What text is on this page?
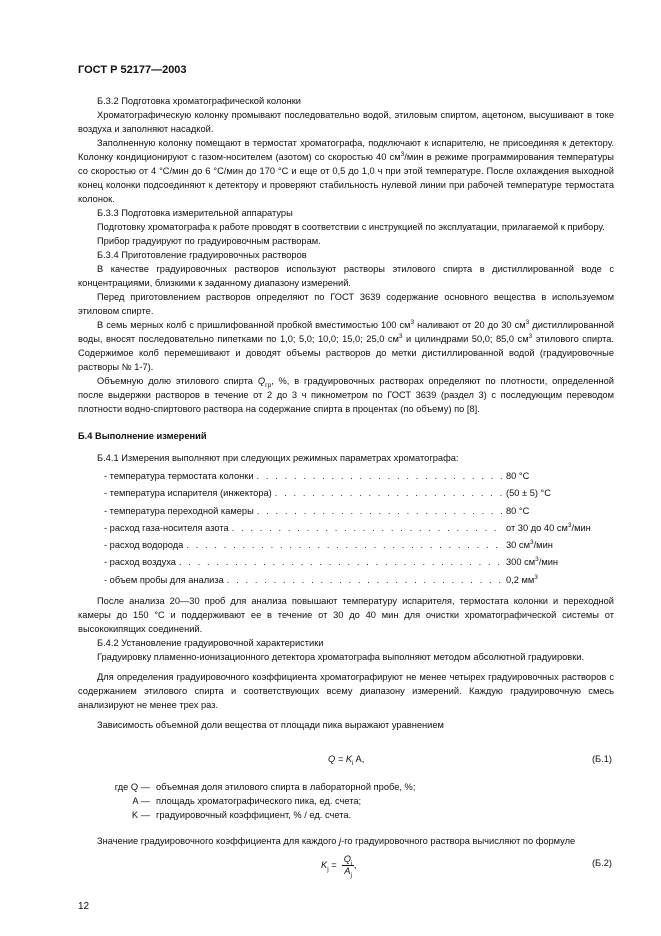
ГОСТ Р 52177—2003

Б.3.2 Подготовка хроматографической колонки

Хроматографическую колонку промывают последовательно водой, этиловым спиртом, ацетоном, высушивают в токе воздуха и заполняют насадкой.

Заполненную колонку помещают в термостат хроматографа, подключают к испарителю, не присоединяя к детектору. Колонку кондиционируют с газом-носителем (азотом) со скоростью 40 $см^3$/мин в режиме программирования температуры со скоростью от 4 °С/мин до 6 °С/мин до 170 °С и еще от 0,5 до 1,0 ч при этой температуре. После охлаждения выходной конец колонки подсоединяют к детектору и проверяют стабильность нулевой линии при рабочей температуре термостата колонок.

Б.3.3 Подготовка измерительной аппаратуры

Подготовку хроматографа к работе проводят в соответствии с инструкцией по эксплуатации, прилагаемой к прибору.

Прибор градуируют по градуировочным растворам.

Б.3.4 Приготовление градуировочных растворов

В качестве градуировочных растворов используют растворы этилового спирта в дистиллированной воде с концентрациями, близкими к заданному диапазону измерений.

Перед приготовлением растворов определяют по ГОСТ 3639 содержание основного вещества в используемом этиловом спирте.

В семь мерных колб с пришлифованной пробкой вместимостью 100 $см^3$ наливают от 20 до 30 $см^3$ дистиллированной воды, вносят последовательно пипетками по 1,0; 5,0; 10,0; 15,0; 25,0 $см^3$ и цилиндрами 50,0; 85,0 $см^3$ этилового спирта. Содержимое колб перемешивают и доводят объемы растворов до метки дистиллированной водой (градуировочные растворы № 1-7).

Объемную долю этилового спирта $Q_{гр}$, %, в градуировочных растворах определяют по плотности, определенной после выдержки растворов в течение от 2 до 3 ч пикнометром по ГОСТ 3639 (раздел 3) с последующим переводом плотности водно-спиртового раствора на содержание спирта в процентах (по объему) по [8].

Б.4 Выполнение измерений

Б.4.1 Измерения выполняют при следующих режимных параметрах хроматографа:

- температура термостата колонки . . .	80 °С
- температура испарителя (инжектора) . . .	(50 ± 5) °С
- температура переходной камеры . . .	80 °С
- расход газа-носителя азота . . .	от 30 до 40 $см^3$/мин
- расход водорода . . .	30 $см^3$/мин
- расход воздуха . . .	300 $см^3$/мин
- объем пробы для анализа . . .	0,2 $мм^3$

После анализа 20—30 проб для анализа повышают температуру испарителя, термостата колонки и переходной камеры до 150 °С и поддерживают ее в течение от 30 до 40 мин для очистки хроматографической системы от высококипящих соединений.

Б.4.2 Установление градуировочной характеристики

Градуировку пламенно-ионизационного детектора хроматографа выполняют методом абсолютной градуировки.

Для определения градуировочного коэффициента хроматографируют не менее четырех градуировочных растворов с содержанием этилового спирта и соответствующих всему диапазону измерений. Каждую градуировочную смесь анализируют не менее трех раз.

Зависимость объемной доли вещества от площади пика выражают уравнением

$Q = K_i$ A,	(Б.1)
где Q — объемная доля этилового спирта в лабораторной пробе, %;
A — площадь хроматографического пика, ед. счета;
K — градуировочный коэффициент, % / ед. счета.

Значение градуировочного коэффициента для каждого j-го градуировочного раствора вычисляют по формуле

$K_j = \frac{Q_i}{A_j}$ ,	(Б.2)
12
